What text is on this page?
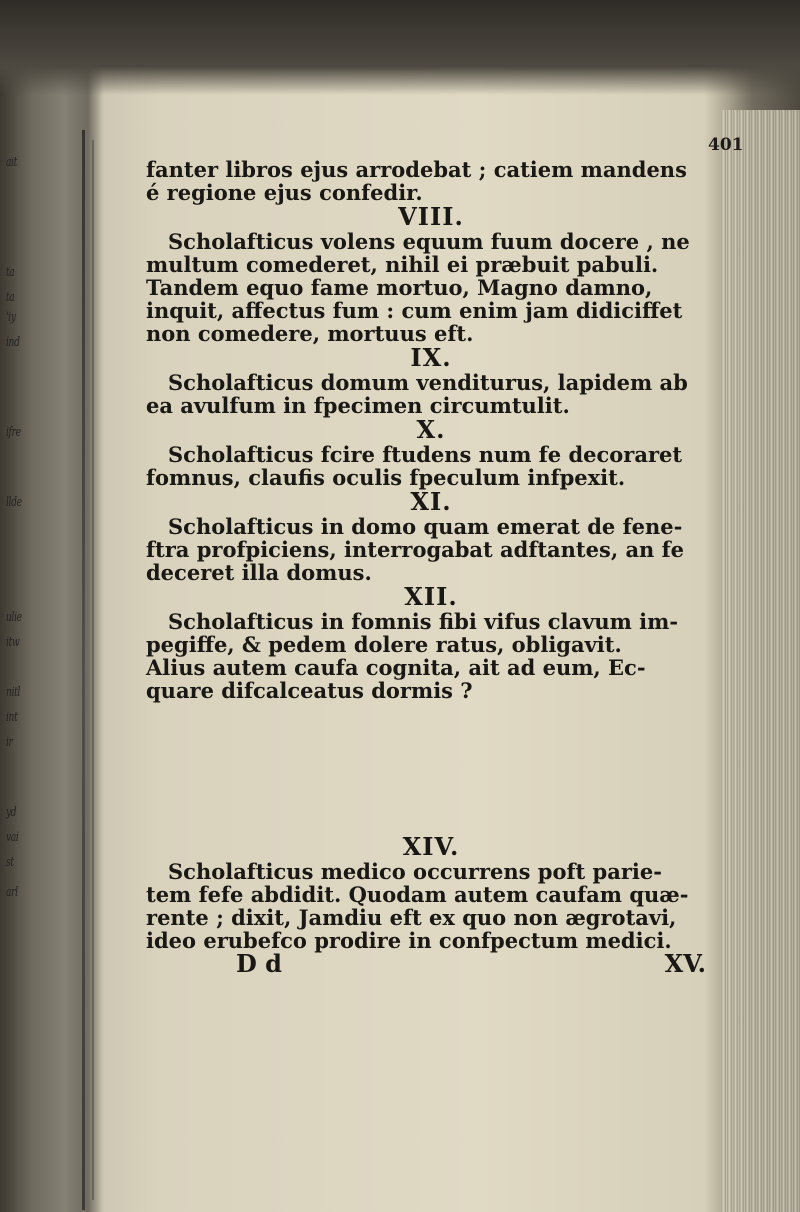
ait
ta
ta
'iy
ind
ifre
llde
ulie
itw
nitl
int
ir
yd
vai
st
arl
401

fanter libros ejus arrodebat ; catiem mandens

é regione ejus confedir.

VIII.

Scholafticus volens equum fuum docere , ne

multum comederet, nihil ei præbuit pabuli.

Tandem equo fame mortuo, Magno damno,

inquit, affectus fum : cum enim jam didiciffet

non comedere, mortuus eft.

IX.

Scholafticus domum venditurus, lapidem ab

ea avulfum in fpecimen circumtulit.

X.

Scholafticus fcire ftudens num fe decoraret

fomnus, claufis oculis fpeculum infpexit.

XI.

Scholafticus in domo quam emerat de fene-

ftra profpiciens, interrogabat adftantes, an fe

deceret illa domus.

XII.

Scholafticus in fomnis fibi vifus clavum im-

pegiffe, & pedem dolere ratus, obligavit.

Alius autem caufa cognita, ait ad eum, Ec-

quare difcalceatus dormis ?

XIV.

Scholafticus medico occurrens poft parie-

tem fefe abdidit. Quodam autem caufam quæ-

rente ; dixit, Jamdiu eft ex quo non ægrotavi,

ideo erubefco prodire in confpectum medici.

D d	XV.
